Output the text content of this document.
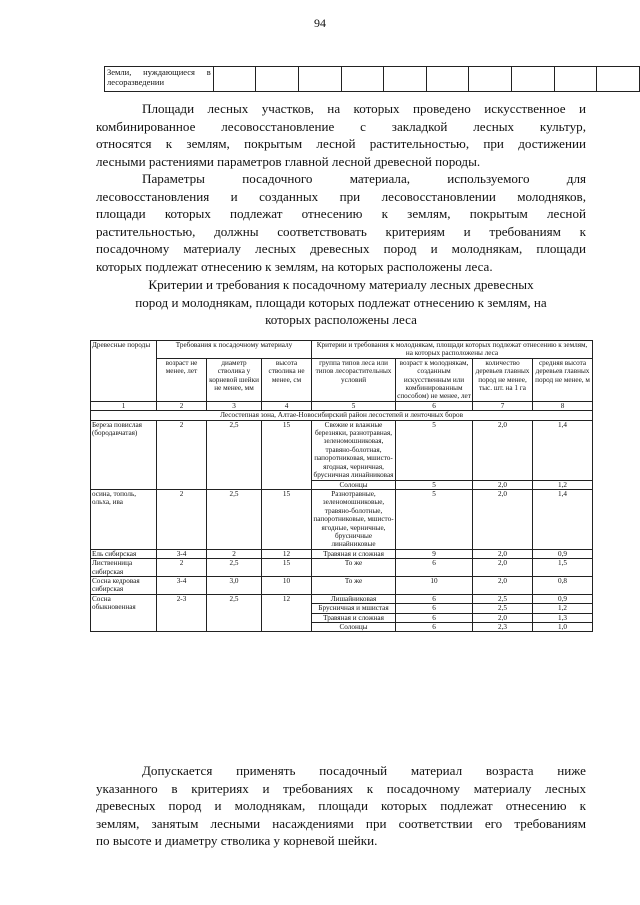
94
Земли, нуждающиеся в лесоразведении										

Площади лесных участков, на которых проведено искусственное и
комбинированное лесовосстановление с закладкой лесных культур,
относятся к землям, покрытым лесной растительностью, при достижении
лесными растениями параметров главной лесной древесной породы.

Параметры посадочного материала, используемого для
лесовосстановления и созданных при лесовосстановлении молодняков,
площади которых подлежат отнесению к землям, покрытым лесной
растительностью, должны соответствовать критериям и требованиям к
посадочному материалу лесных древесных пород и молоднякам, площади
которых подлежат отнесению к землям, на которых расположены леса.

Критерии и требования к посадочному материалу лесных древесных
пород и молоднякам, площади которых подлежат отнесению к землям, на
которых расположены леса

Древесные породы	Требования к посадочному материалу			Критерии и требования к молоднякам, площади которых подлежат отнесению к землям, на которых расположены леса			
	возраст не менее, лет	диаметр стволика у корневой шейки не менее, мм	высота стволика не менее, см	группа типов леса или типов лесорастительных условий	возраст к молоднякам, созданным искусственным или комбинированным способом) не менее, лет	количество деревьев главных пород не менее, тыс. шт. на 1 га	средняя высота деревьев главных пород не менее, м
1	2	3	4	5	6	7	8
Лесостепная зона, Алтае-Новосибирский район лесостепей и ленточных боров							
Береза повислая (бородавчатая)	2	2,5	15	Свежие и влажные березняки, разнотравная, зеленомошниковая, травяно-болотная, папоротниковая, мшисто-ягодная, черничная, брусничная линайниковая	5	2,0	1,4
				Солонцы	5	2,0	1,2
осина, тополь, ольха, ива	2	2,5	15	Разнотравные, зеленомошниковые, травяно-болотные, папоротниковые, мшисто-ягодные, черничные, брусничные линайниковые	5	2,0	1,4
Ель сибирская	3-4	2	12	Травяная и сложная	9	2,0	0,9
Лиственница сибирская	2	2,5	15	То же	6	2,0	1,5
Сосна кедровая сибирская	3-4	3,0	10	То же	10	2,0	0,8
Сосна обыкновенная	2-3	2,5	12	Лишайниковая	6	2,5	0,9
				Брусничная и мшистая	6	2,5	1,2
				Травяная и сложная	6	2,0	1,3
				Солонцы	6	2,3	1,0

Допускается применять посадочный материал возраста ниже
указанного в критериях и требованиях к посадочному материалу лесных
древесных пород и молоднякам, площади которых подлежат отнесению к
землям, занятым лесными насаждениями при соответствии его требованиям
по высоте и диаметру стволика у корневой шейки.
